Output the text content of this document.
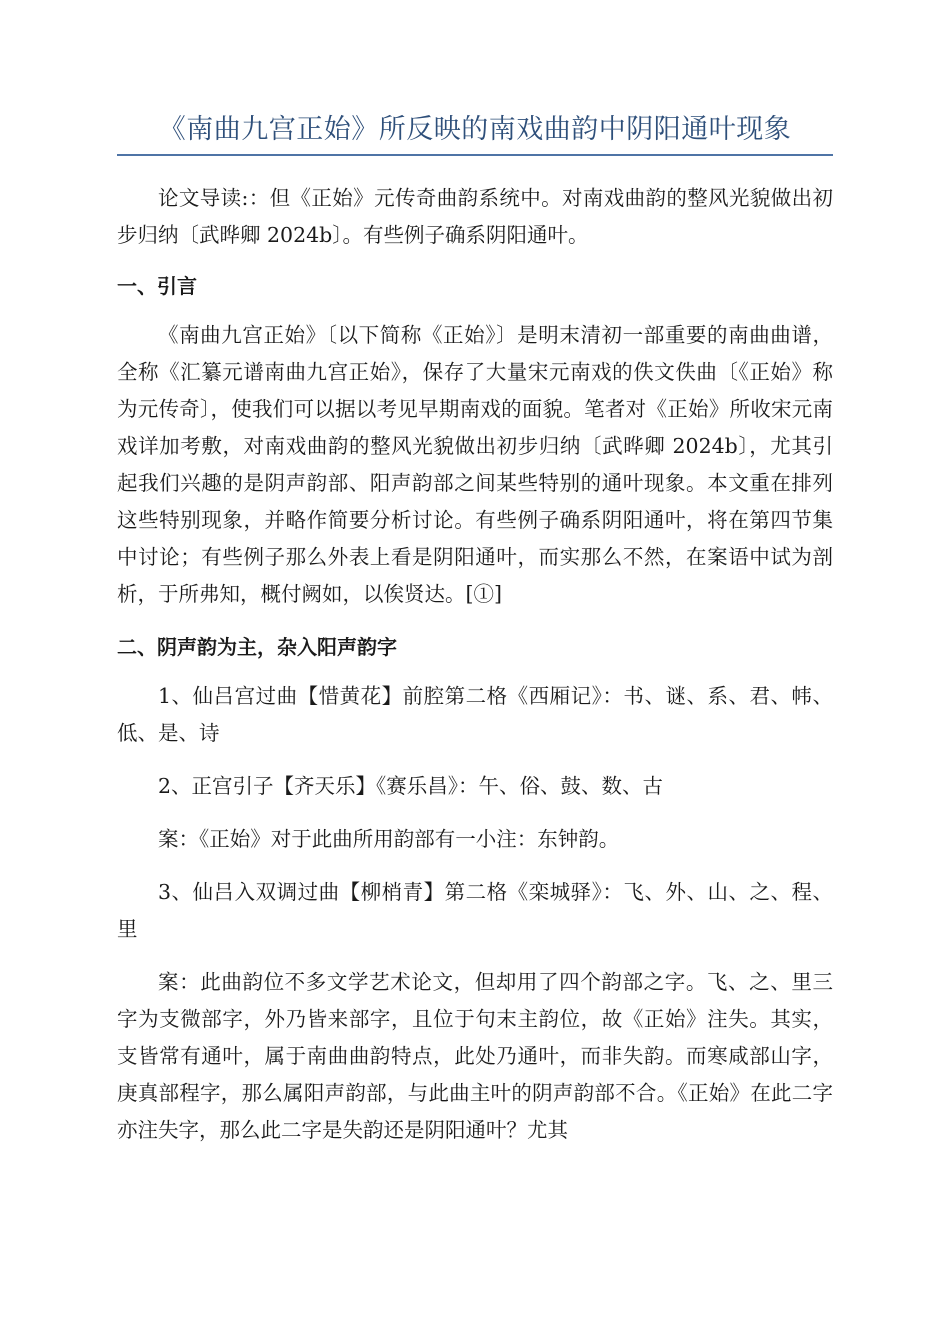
《南曲九宫正始》所反映的南戏曲韵中阴阳通叶现象

论文导读:：但《正始》元传奇曲韵系统中。对南戏曲韵的整风光貌做出初步归纳〔武晔卿 2024b〕。有些例子确系阴阳通叶。

一、引言

《南曲九宫正始》〔以下简称《正始》〕是明末清初一部重要的南曲曲谱，全称《汇纂元谱南曲九宫正始》，保存了大量宋元南戏的佚文佚曲〔《正始》称为元传奇〕，使我们可以据以考见早期南戏的面貌。笔者对《正始》所收宋元南戏详加考敷，对南戏曲韵的整风光貌做出初步归纳〔武晔卿 2024b〕，尤其引起我们兴趣的是阴声韵部、阳声韵部之间某些特别的通叶现象。本文重在排列这些特别现象，并略作简要分析讨论。有些例子确系阴阳通叶，将在第四节集中讨论；有些例子那么外表上看是阴阳通叶，而实那么不然，在案语中试为剖析，于所弗知，概付阙如，以俟贤达。[①]

二、阴声韵为主，杂入阳声韵字

1、仙吕宫过曲【惜黄花】前腔第二格《西厢记》：书、谜、系、君、帏、低、是、诗

2、正宫引子【齐天乐】《赛乐昌》：午、俗、鼓、数、古

案：《正始》对于此曲所用韵部有一小注：东钟韵。

3、仙吕入双调过曲【柳梢青】第二格《栾城驿》：飞、外、山、之、程、里

案：此曲韵位不多文学艺术论文，但却用了四个韵部之字。飞、之、里三字为支微部字，外乃皆来部字，且位于句末主韵位，故《正始》注失。其实，支皆常有通叶，属于南曲曲韵特点，此处乃通叶，而非失韵。而寒咸部山字，庚真部程字，那么属阳声韵部，与此曲主叶的阴声韵部不合。《正始》在此二字亦注失字，那么此二字是失韵还是阴阳通叶？尤其
